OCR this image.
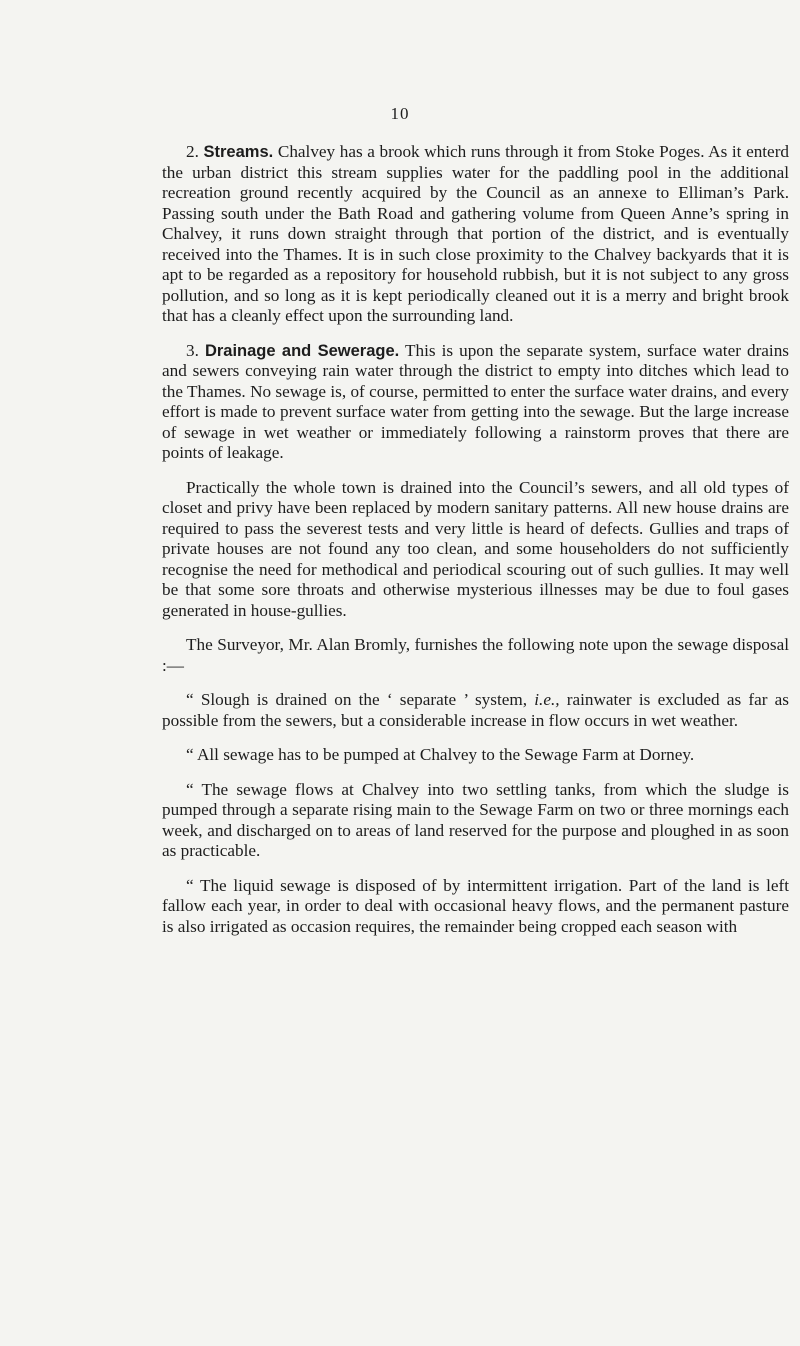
10

2. Streams. Chalvey has a brook which runs through it from Stoke Poges. As it enterd the urban district this stream supplies water for the paddling pool in the additional recreation ground recently acquired by the Council as an annexe to Elliman’s Park. Passing south under the Bath Road and gathering volume from Queen Anne’s spring in Chalvey, it runs down straight through that portion of the district, and is eventually received into the Thames. It is in such close proximity to the Chalvey backyards that it is apt to be regarded as a repository for household rubbish, but it is not subject to any gross pollution, and so long as it is kept periodically cleaned out it is a merry and bright brook that has a cleanly effect upon the surrounding land.

3. Drainage and Sewerage. This is upon the separate system, surface water drains and sewers conveying rain water through the district to empty into ditches which lead to the Thames. No sewage is, of course, permitted to enter the surface water drains, and every effort is made to prevent surface water from getting into the sewage. But the large increase of sewage in wet weather or immediately following a rainstorm proves that there are points of leakage.

Practically the whole town is drained into the Council’s sewers, and all old types of closet and privy have been replaced by modern sanitary patterns. All new house drains are required to pass the severest tests and very little is heard of defects. Gullies and traps of private houses are not found any too clean, and some householders do not sufficiently recognise the need for methodical and periodical scouring out of such gullies. It may well be that some sore throats and otherwise mysterious illnesses may be due to foul gases generated in house-gullies.

The Surveyor, Mr. Alan Bromly, furnishes the following note upon the sewage disposal :—

“ Slough is drained on the ‘ separate ’ system, i.e., rainwater is excluded as far as possible from the sewers, but a considerable increase in flow occurs in wet weather.

“ All sewage has to be pumped at Chalvey to the Sewage Farm at Dorney.

“ The sewage flows at Chalvey into two settling tanks, from which the sludge is pumped through a separate rising main to the Sewage Farm on two or three mornings each week, and discharged on to areas of land reserved for the purpose and ploughed in as soon as practicable.

“ The liquid sewage is disposed of by intermittent irrigation. Part of the land is left fallow each year, in order to deal with occasional heavy flows, and the permanent pasture is also irrigated as occasion requires, the remainder being cropped each season with
